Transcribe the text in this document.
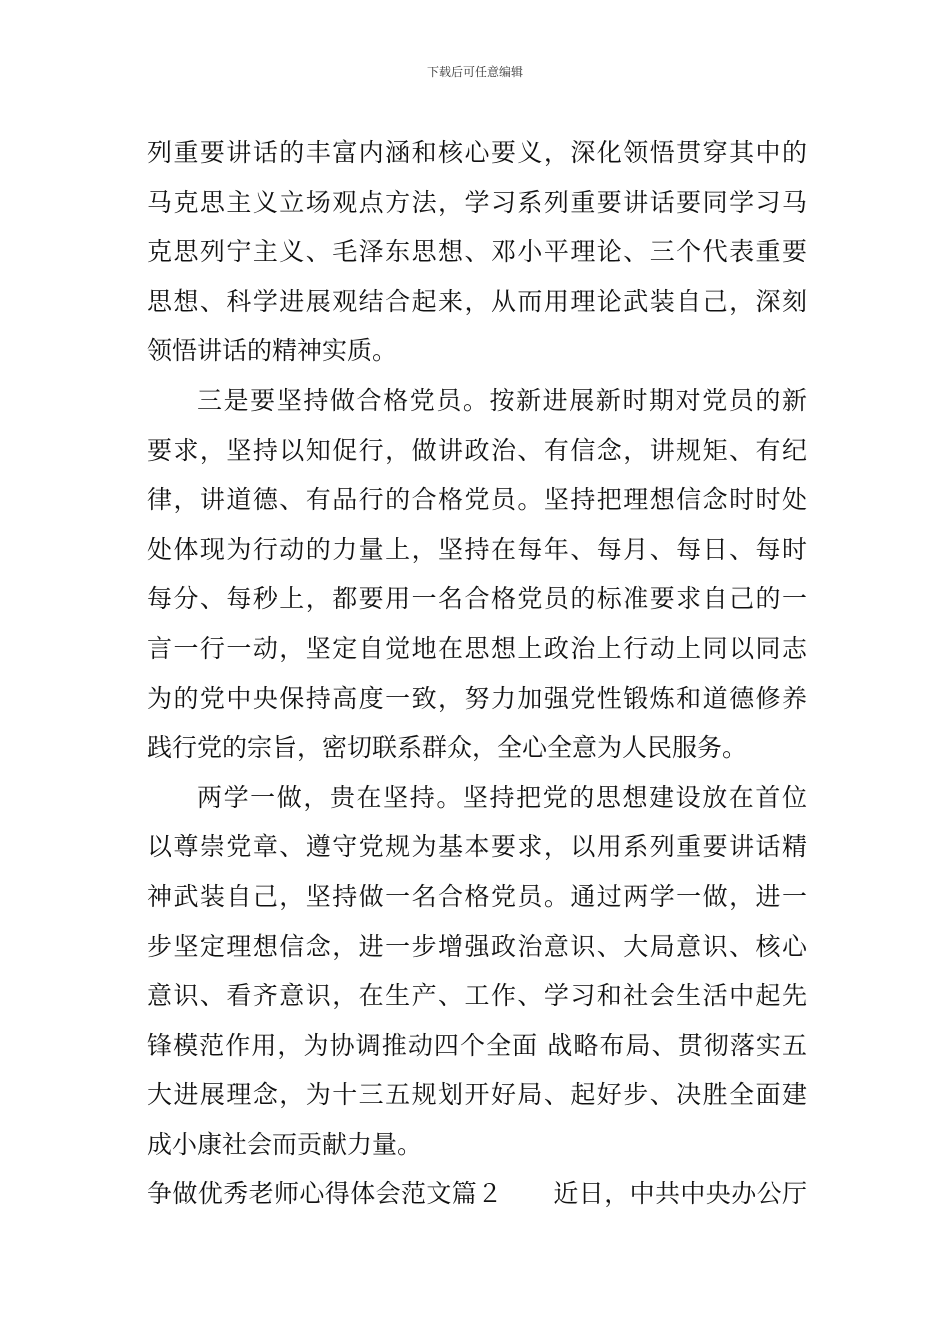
下载后可任意编辑
列重要讲话的丰富内涵和核心要义，深化领悟贯穿其中的
马克思主义立场观点方法，学习系列重要讲话要同学习马
克思列宁主义、毛泽东思想、邓小平理论、三个代表重要
思想、科学进展观结合起来，从而用理论武装自己，深刻
领悟讲话的精神实质。
三是要坚持做合格党员。按新进展新时期对党员的新
要求，坚持以知促行，做讲政治、有信念，讲规矩、有纪
律，讲道德、有品行的合格党员。坚持把理想信念时时处
处体现为行动的力量上，坚持在每年、每月、每日、每时
每分、每秒上，都要用一名合格党员的标准要求自己的一
言一行一动，坚定自觉地在思想上政治上行动上同以同志
为的党中央保持高度一致，努力加强党性锻炼和道德修养
践行党的宗旨，密切联系群众，全心全意为人民服务。
两学一做，贵在坚持。坚持把党的思想建设放在首位
以尊崇党章、遵守党规为基本要求，以用系列重要讲话精
神武装自己，坚持做一名合格党员。通过两学一做，进一
步坚定理想信念，进一步增强政治意识、大局意识、核心
意识、看齐意识，在生产、工作、学习和社会生活中起先
锋模范作用，为协调推动四个全面 战略布局、贯彻落实五
大进展理念，为十三五规划开好局、起好步、决胜全面建
成小康社会而贡献力量。
争做优秀老师心得体会范文篇２　　近日，中共中央办公厅
